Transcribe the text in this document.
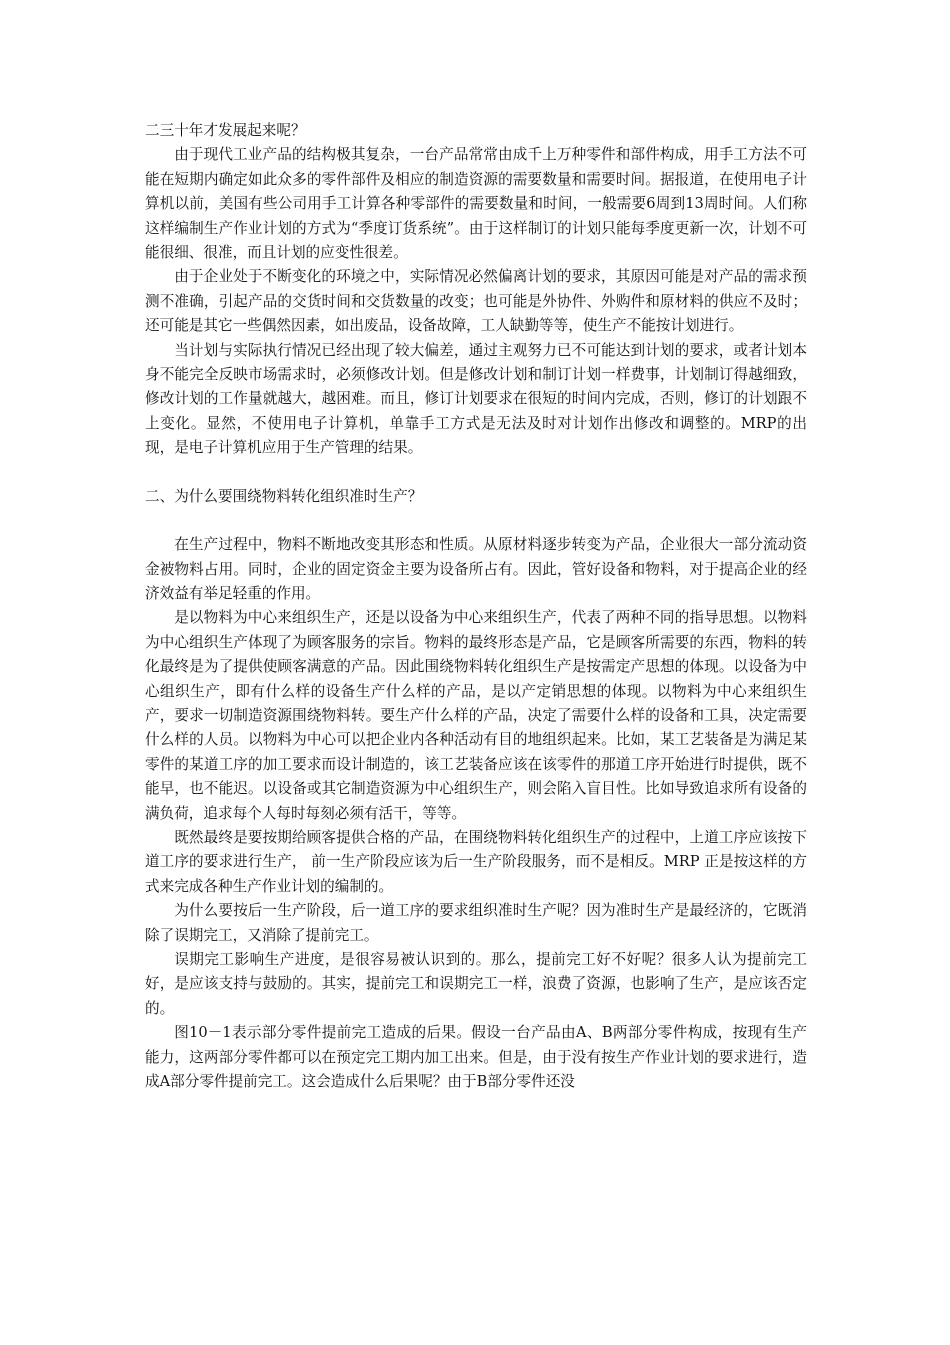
二三十年才发展起来呢？

由于现代工业产品的结构极其复杂，一台产品常常由成千上万种零件和部件构成，用手工方法不可能在短期内确定如此众多的零件部件及相应的制造资源的需要数量和需要时间。据报道，在使用电子计算机以前，美国有些公司用手工计算各种零部件的需要数量和时间，一般需要6周到13周时间。人们称这样编制生产作业计划的方式为“季度订货系统”。由于这样制订的计划只能每季度更新一次，计划不可能很细、很准，而且计划的应变性很差。

由于企业处于不断变化的环境之中，实际情况必然偏离计划的要求，其原因可能是对产品的需求预测不准确，引起产品的交货时间和交货数量的改变；也可能是外协件、外购件和原材料的供应不及时；还可能是其它一些偶然因素，如出废品，设备故障，工人缺勤等等，使生产不能按计划进行。

当计划与实际执行情况已经出现了较大偏差，通过主观努力已不可能达到计划的要求，或者计划本身不能完全反映市场需求时，必须修改计划。但是修改计划和制订计划一样费事，计划制订得越细致，修改计划的工作量就越大，越困难。而且，修订计划要求在很短的时间内完成，否则，修订的计划跟不上变化。显然，不使用电子计算机，单靠手工方式是无法及时对计划作出修改和调整的。MRP的出现，是电子计算机应用于生产管理的结果。

二、为什么要围绕物料转化组织准时生产？

在生产过程中，物料不断地改变其形态和性质。从原材料逐步转变为产品，企业很大一部分流动资金被物料占用。同时，企业的固定资金主要为设备所占有。因此，管好设备和物料，对于提高企业的经济效益有举足轻重的作用。

是以物料为中心来组织生产，还是以设备为中心来组织生产，代表了两种不同的指导思想。以物料为中心组织生产体现了为顾客服务的宗旨。物料的最终形态是产品，它是顾客所需要的东西，物料的转化最终是为了提供使顾客满意的产品。因此围绕物料转化组织生产是按需定产思想的体现。以设备为中心组织生产，即有什么样的设备生产什么样的产品，是以产定销思想的体现。以物料为中心来组织生产，要求一切制造资源围绕物料转。要生产什么样的产品，决定了需要什么样的设备和工具，决定需要什么样的人员。以物料为中心可以把企业内各种活动有目的地组织起来。比如，某工艺装备是为满足某零件的某道工序的加工要求而设计制造的，该工艺装备应该在该零件的那道工序开始进行时提供，既不能早，也不能迟。以设备或其它制造资源为中心组织生产，则会陷入盲目性。比如导致追求所有设备的满负荷，追求每个人每时每刻必须有活干，等等。

既然最终是要按期给顾客提供合格的产品，在围绕物料转化组织生产的过程中，上道工序应该按下道工序的要求进行生产， 前一生产阶段应该为后一生产阶段服务，而不是相反。MRP 正是按这样的方式来完成各种生产作业计划的编制的。

为什么要按后一生产阶段，后一道工序的要求组织准时生产呢？因为准时生产是最经济的，它既消除了误期完工，又消除了提前完工。

误期完工影响生产进度，是很容易被认识到的。那么，提前完工好不好呢？很多人认为提前完工好，是应该支持与鼓励的。其实，提前完工和误期完工一样，浪费了资源，也影响了生产，是应该否定的。

图10－1表示部分零件提前完工造成的后果。假设一台产品由A、B两部分零件构成，按现有生产能力，这两部分零件都可以在预定完工期内加工出来。但是，由于没有按生产作业计划的要求进行，造成A部分零件提前完工。这会造成什么后果呢？由于B部分零件还没
